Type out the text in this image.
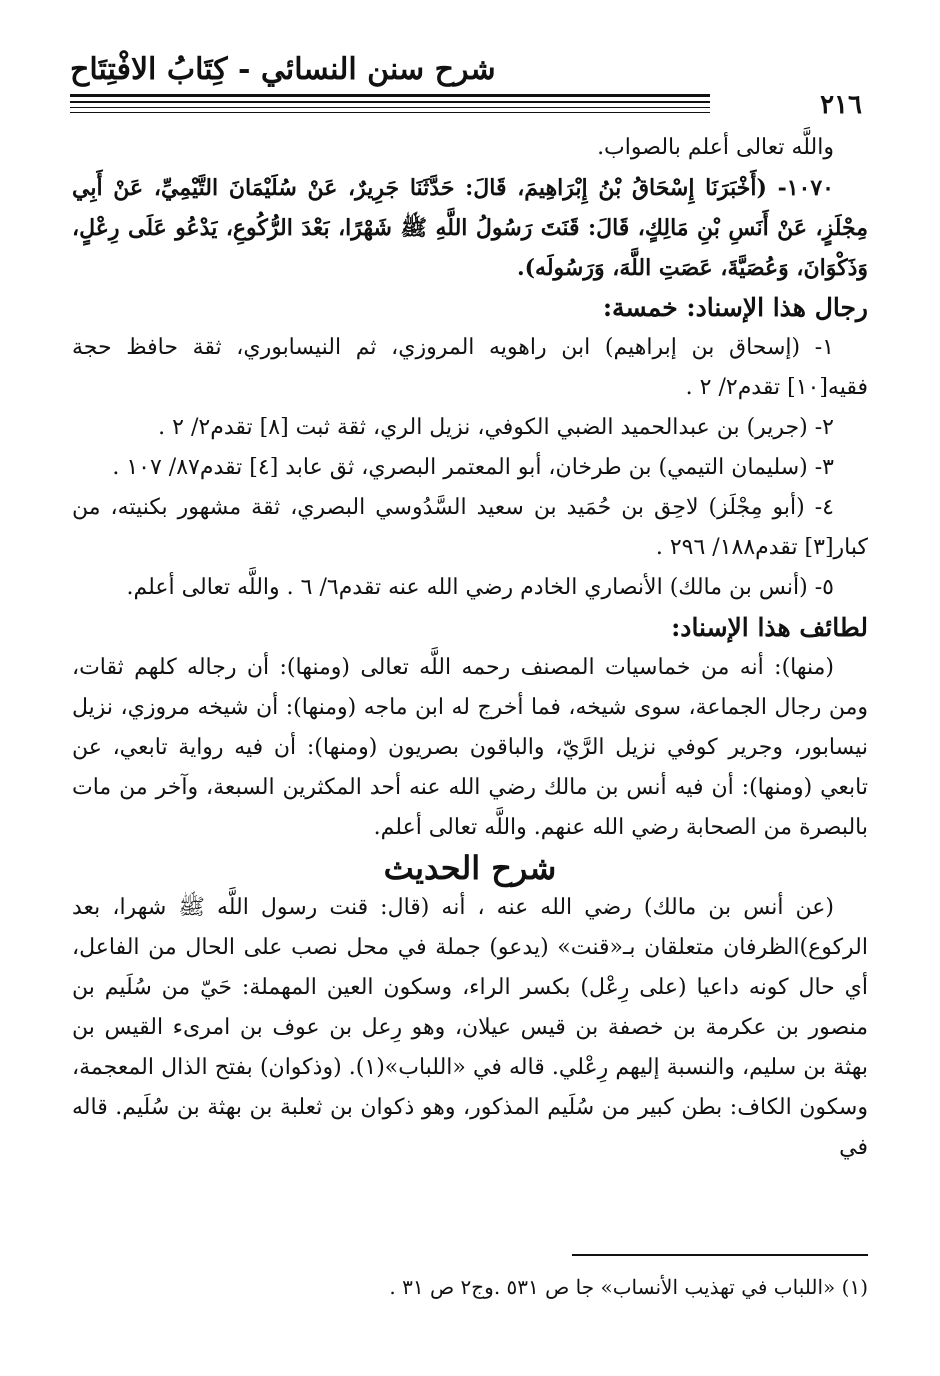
شرح سنن النسائي - كِتَابُ الافْتِتَاح
٢١٦

واللَّه تعالى أعلم بالصواب.

١٠٧٠- (أَخْبَرَنَا إِسْحَاقُ بْنُ إِبْرَاهِيمَ، قَالَ: حَدَّثَنَا جَرِيرٌ، عَنْ سُلَيْمَانَ التَّيْمِيِّ، عَنْ أَبِي مِجْلَزٍ، عَنْ أَنَسِ بْنِ مَالِكٍ، قَالَ: قَنَتَ رَسُولُ اللَّهِ ﷺ شَهْرًا، بَعْدَ الرُّكُوعِ، يَدْعُو عَلَى رِعْلٍ، وَذَكْوَانَ، وَعُصَيَّةَ، عَصَتِ اللَّهَ، وَرَسُولَه).

رجال هذا الإسناد: خمسة:

١- (إسحاق بن إبراهيم) ابن راهويه المروزي، ثم النيسابوري، ثقة حافظ حجة فقيه[١٠] تقدم٢/ ٢ .

٢- (جرير) بن عبدالحميد الضبي الكوفي، نزيل الري، ثقة ثبت [٨] تقدم٢/ ٢ .

٣- (سليمان التيمي) بن طرخان، أبو المعتمر البصري، ثق عابد [٤] تقدم٨٧/ ١٠٧ .

٤- (أبو مِجْلَز) لاحِق بن حُمَيد بن سعيد السَّدُوسي البصري، ثقة مشهور بكنيته، من كبار[٣] تقدم١٨٨/ ٢٩٦ .

٥- (أنس بن مالك) الأنصاري الخادم رضي الله عنه تقدم٦/ ٦ . واللَّه تعالى أعلم.

لطائف هذا الإسناد:

(منها): أنه من خماسيات المصنف رحمه اللَّه تعالى (ومنها): أن رجاله كلهم ثقات، ومن رجال الجماعة، سوى شيخه، فما أخرج له ابن ماجه (ومنها): أن شيخه مروزي، نزيل نيسابور، وجرير كوفي نزيل الرَّيّ، والباقون بصريون (ومنها): أن فيه رواية تابعي، عن تابعي (ومنها): أن فيه أنس بن مالك رضي الله عنه أحد المكثرين السبعة، وآخر من مات بالبصرة من الصحابة رضي الله عنهم. واللَّه تعالى أعلم.

شرح الحديث

(عن أنس بن مالك) رضي الله عنه ، أنه (قال: قنت رسول اللَّه ﷺ شهرا، بعد الركوع)الظرفان متعلقان بـ«قنت» (يدعو) جملة في محل نصب على الحال من الفاعل، أي حال كونه داعيا (على رِعْل) بكسر الراء، وسكون العين المهملة: حَيّ من سُلَيم بن منصور بن عكرمة بن خصفة بن قيس عيلان، وهو رِعل بن عوف بن امرىء القيس بن بهثة بن سليم، والنسبة إليهم رِعْلي. قاله في «اللباب»(١). (وذكوان) بفتح الذال المعجمة، وسكون الكاف: بطن كبير من سُلَيم المذكور، وهو ذكوان بن ثعلبة بن بهثة بن سُلَيم. قاله في

(١) «اللباب في تهذيب الأنساب» جا ص ٥٣١ .وج٢ ص ٣١ .
